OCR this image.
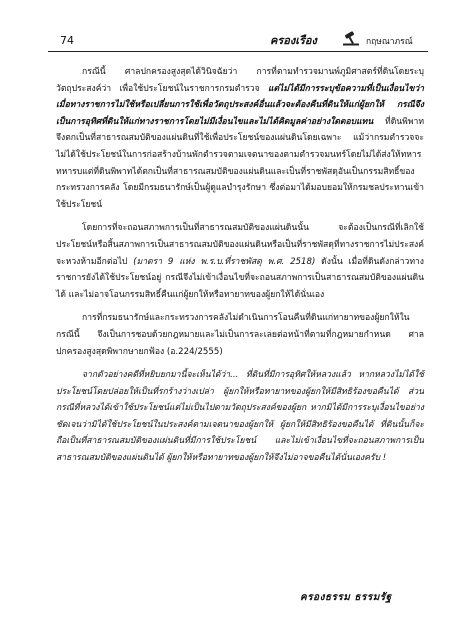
74	ครองเรือง	กฤษณาภรณ์

กรณีนี้ ศาลปกครองสูงสุดได้วินิจฉัยว่า การที่ตามทำรวจมานพ์ภูมิศาสตร์ที่ดินโดยระบุวัตถุประสงค์ว่า เพื่อใช้ประโยชน์ในราชการกรมตำรวจ แต่ไม่ได้มีการระบุข้อความที่เป็นเงื่อนไขว่า เมื่อทางราชการไม่ใช้หรือเปลี่ยนการใช้เพื่อวัตถุประสงค์อื่นแล้วจะต้องคืนที่ดินให้แก่ผู้ยกให้ กรณีจึงเป็นการอุทิศที่ดินให้แก่ทางราชการโดยไม่มีเงื่อนไขและไม่ได้คิดมูลค่าอย่างใดตอบแทน ที่ดินพิพาทจึงตกเป็นที่สาธารณสมบัติของแผ่นดินที่ใช้เพื่อประโยชน์ของแผ่นดินโดยเฉพาะ แม้ว่ากรมตำรวจจะไม่ได้ใช้ประโยชน์ในการก่อสร้างบ้านพักตำรวจตามเจตนาของตามตำรวจมนทร์โดยไม่ได้ส่งให้ทหารทหารบแต่ที่ดินพิพาทได้ตกเป็นที่สาธารณสมบัติของแผ่นดินและเป็นที่ราชพัสดุอันเป็นกรรมสิทธิ์ของกระทรวงการคลัง โดยมีกรมธนารักษ์เป็นผู้ดูแลบำรุงรักษา ซึ่งต่อมาได้มอบยอมให้กรมชลประทานเข้าใช้ประโยชน์

โดยการที่จะถอนสภาพการเป็นที่สาธารณสมบัติของแผ่นดินนั้น จะต้องเป็นกรณีที่เลิกใช้ประโยชน์หรือสิ้นสภาพการเป็นสาธารณสมบัติของแผ่นดินหรือเป็นที่ราชพัสดุที่ทางราชการไม่ประสงค์จะหวงห้ามอีกต่อไป (มาตรา 9 แห่ง พ.ร.บ.ที่ราชพัสดุ พ.ศ. 2518) ดังนั้น เมื่อที่ดินดังกล่าวทางราชการยังได้ใช้ประโยชน์อยู่ กรณีจึงไม่เข้าเงื่อนไขที่จะถอนสภาพการเป็นสาธารณสมบัติของแผ่นดินได้ และไม่อาจโอนกรรมสิทธิ์คืนแก่ผู้ยกให้หรือทายาทของผู้ยกให้ได้นั่นเอง

การที่กรมธนารักษ์และกระทรวงการคลังไม่ดำเนินการโอนคืนที่ดินแก่ทายาทของผู้ยกให้ในกรณีนี้ จึงเป็นการชอบด้วยกฎหมายและไม่เป็นการละเลยต่อหน้าที่ตามที่กฎหมายกำหนด ศาลปกครองสูงสุดพิพากษายกฟ้อง (อ.224/2555)

จากตัวอย่างคดีที่หยิบยกมานี้จะเห็นได้ว่า... ที่ดินที่มีการอุทิศให้หลวงแล้ว หากหลวงไม่ได้ใช้ประโยชน์โดยปล่อยให้เป็นที่รกร้างว่างเปล่า ผู้ยกให้หรือทายาทของผู้ยกให้มีสิทธิร้องขอคืนได้ ส่วนกรณีที่หลวงได้เข้าใช้ประโยชน์แต่ไม่เป็นไปตามวัตถุประสงค์ของผู้ยก หากมิได้มีการระบุเงื่อนไขอย่างชัดเจนว่ามิได้ใช้ประโยชน์ในประสงค์ตามเจตนาของผู้ยกให้ ผู้ยกให้มีสิทธิร้องขอคืนได้ ที่ดินนั้นก็จะถือเป็นที่สาธารณสมบัติของแผ่นดินที่มีการใช้ประโยชน์ และไม่เข้าเงื่อนไขที่จะถอนสภาพการเป็นสาธารณสมบัติของแผ่นดินได้ ผู้ยกให้หรือทายาทของผู้ยกให้จึงไม่อาจขอคืนได้นั่นเองครับ !

ครองธรรม ธรรมรัฐ
